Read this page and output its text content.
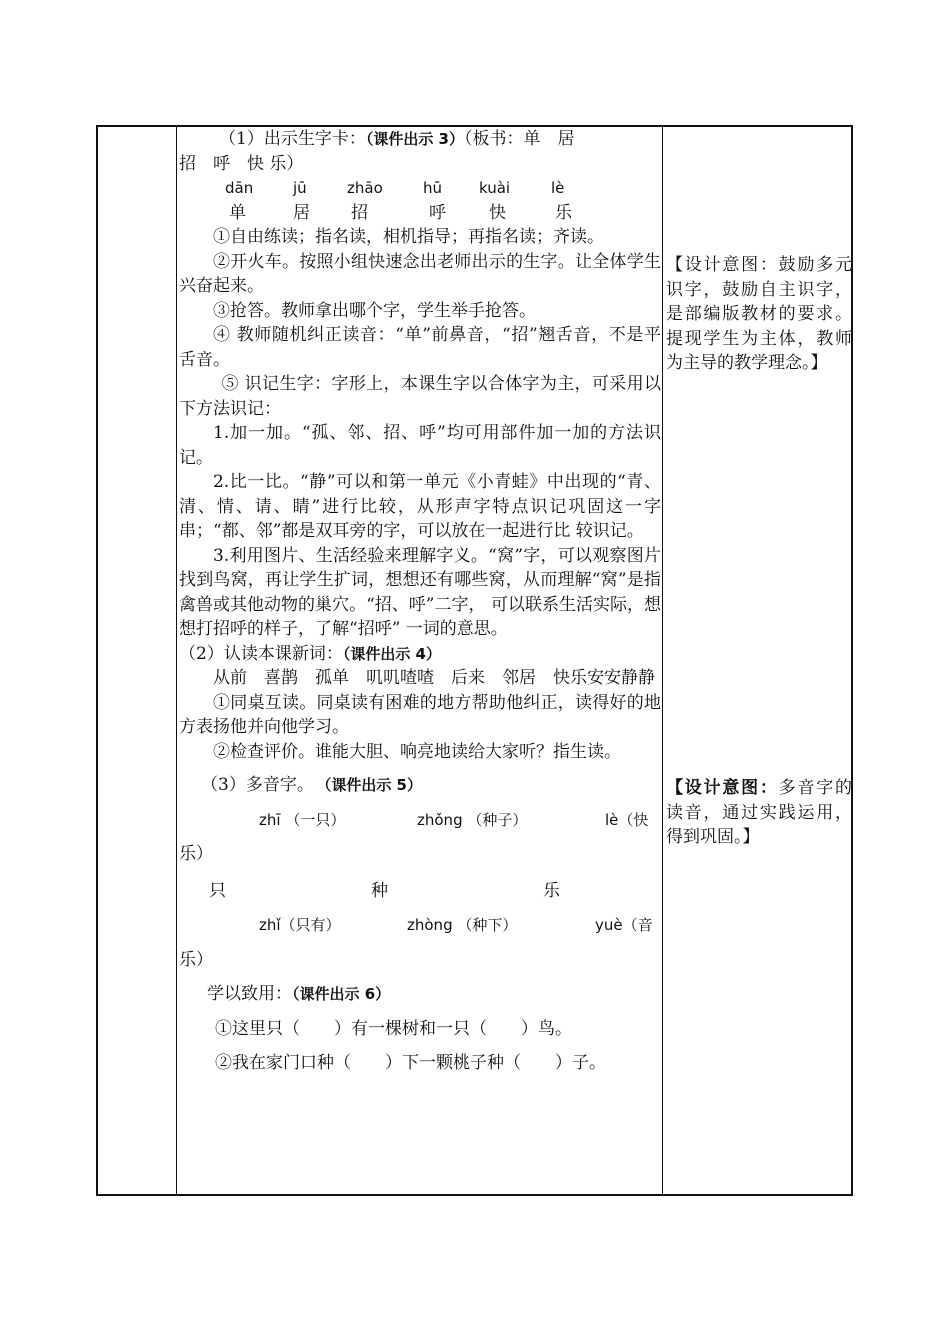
（1）出示生字卡：（课件出示 3）（板书：单　居

招　呼　快 乐）

dān	jū	zhāo	hū kuài	lè
单	居 招	呼	快	乐

①自由练读；指名读，相机指导；再指名读；齐读。

②开火车。按照小组快速念出老师出示的生字。让全体学生兴奋起来。

③抢答。教师拿出哪个字，学生举手抢答。

④ 教师随机纠正读音：“单”前鼻音，“招”翘舌音，不是平舌音。

⑤ 识记生字：字形上，本课生字以合体字为主，可采用以下方法识记：

1.加一加。“孤、邻、招、呼”均可用部件加一加的方法识记。

2.比一比。“静”可以和第一单元《小青蛙》中出现的“青、清、情、请、睛”进行比较，从形声字特点识记巩固这一字串；“都、邻”都是双耳旁的字，可以放在一起进行比 较识记。

3.利用图片、生活经验来理解字义。“窝”字，可以观察图片找到鸟窝，再让学生扩词，想想还有哪些窝，从而理解“窝”是指禽兽或其他动物的巢穴。“招、呼”二字， 可以联系生活实际，想想打招呼的样子，了解“招呼” 一词的意思。

（2）认读本课新词：（课件出示 4）

从前　喜鹊　孤单　叽叽喳喳　后来　邻居　快乐安安静静

①同桌互读。同桌读有困难的地方帮助他纠正，读得好的地方表扬他并向他学习。

②检查评价。谁能大胆、响亮地读给大家听？指生读。

（3）多音字。 （课件出示 5）

zhī （一只）	zhǒng （种子）	lè（快

乐）

只	种	乐
zhǐ（只有）	zhòng （种下）	yuè（音

乐）

学以致用：（课件出示 6）

①这里只（　　）有一棵树和一只（　　）鸟。

②我在家门口种（　　）下一颗桃子种（　　）子。

【设计意图：鼓励多元识字，鼓励自主识字，是部编版教材的要求。提现学生为主体，教师为主导的教学理念。】
【设计意图：多音字的读音，通过实践运用，得到巩固。】
